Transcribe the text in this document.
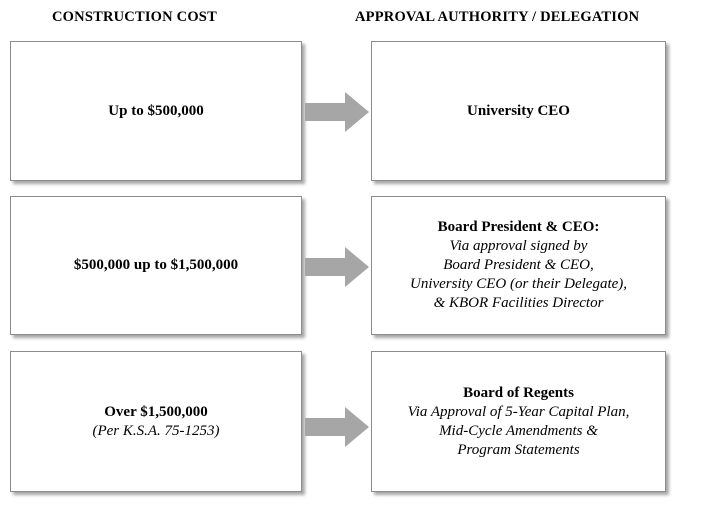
CONSTRUCTION COST	APPROVAL AUTHORITY / DELEGATION
Up to $500,000	University CEO
$500,000 up to $1,500,000
Board President & CEO:
Via approval signed by
Board President & CEO,
University CEO (or their Delegate),
& KBOR Facilities Director
Over $1,500,000
(Per K.S.A. 75-1253)
Board of Regents
Via Approval of 5-Year Capital Plan,
Mid-Cycle Amendments &
Program Statements
